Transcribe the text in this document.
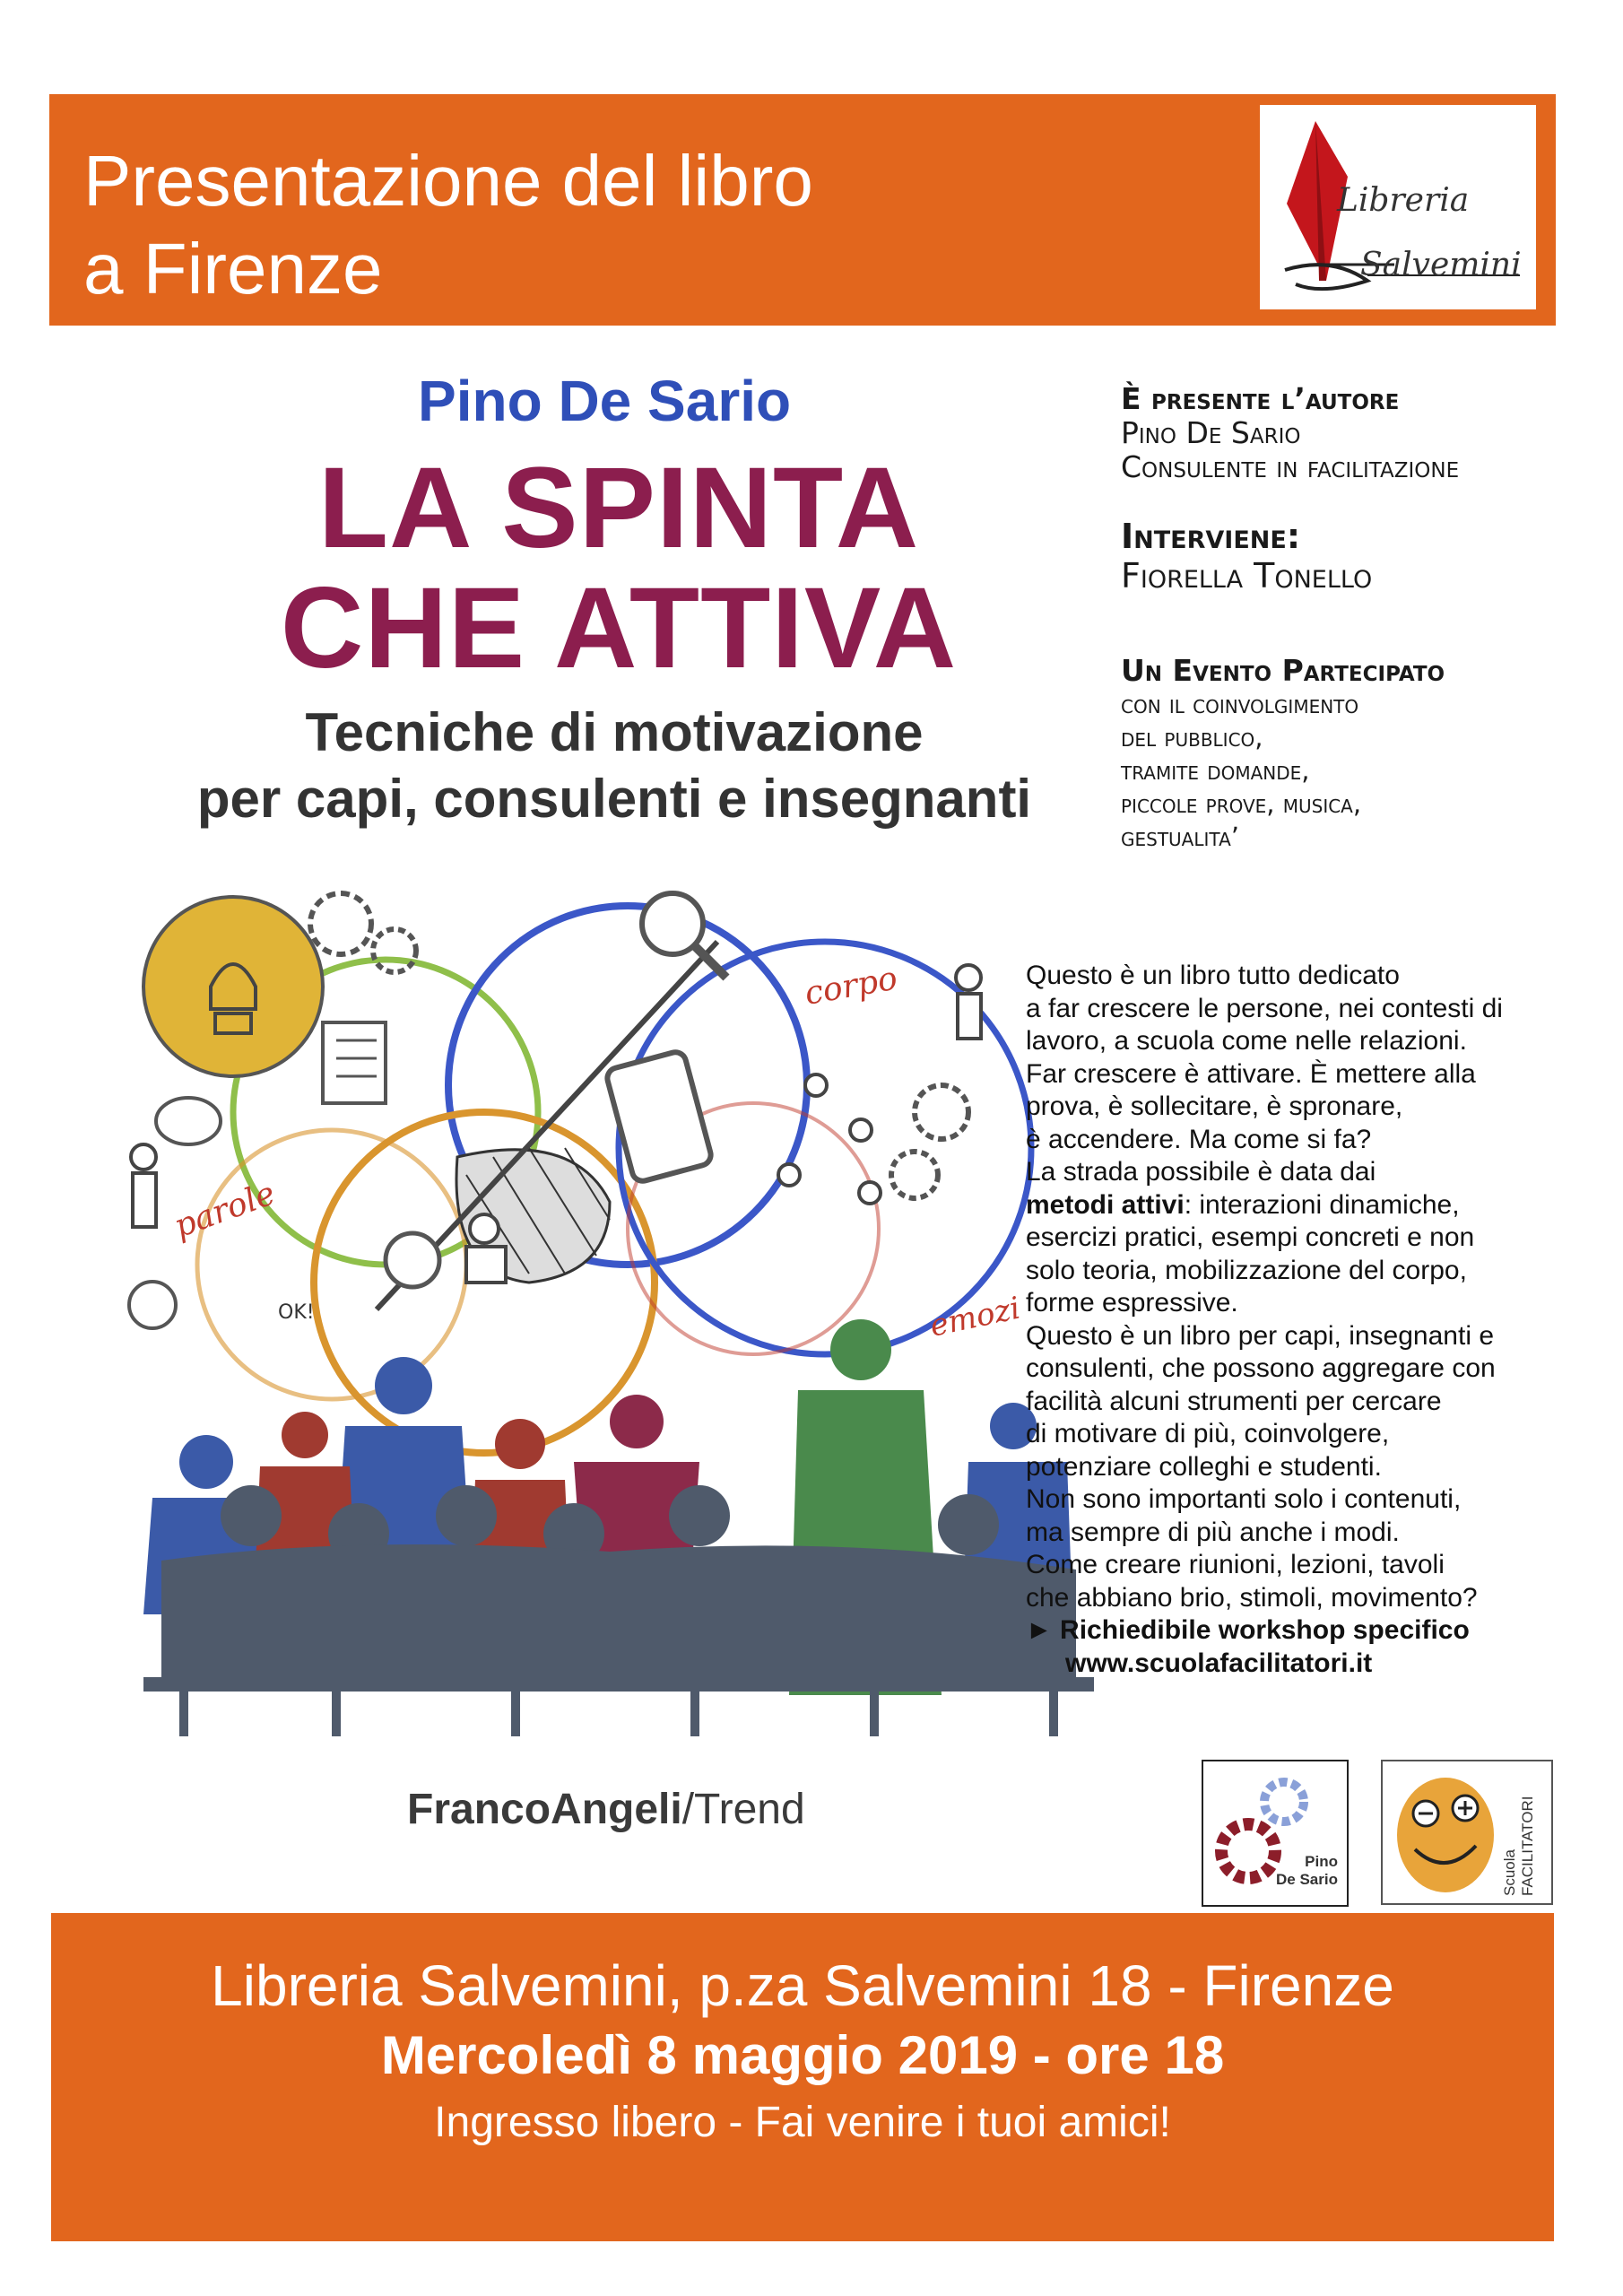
Presentazione del libro
a Firenze
Libreria
Salvemini
Pino De Sario
LA SPINTA
CHE ATTIVA
Tecniche di motivazione
per capi, consulenti e insegnanti
È presente l’autore
Pino De Sario
Consulente in facilitazione
Interviene:
Fiorella Tonello
Un Evento Partecipato
con il coinvolgimento
del pubblico,
tramite domande,
piccole prove, musica,
gestualita’
corpo
parole
emozi
OK!

Questo è un libro tutto dedicato

a far crescere le persone, nei contesti di

lavoro, a scuola come nelle relazioni.

Far crescere è attivare. È mettere alla

prova, è sollecitare, è spronare,

è accendere. Ma come si fa?

La strada possibile è data dai

metodi attivi: interazioni dinamiche,

esercizi pratici, esempi concreti e non

solo teoria, mobilizzazione del corpo,

forme espressive.

Questo è un libro per capi, insegnanti e

consulenti, che possono aggregare con

facilità alcuni strumenti per cercare

di motivare di più, coinvolgere,

potenziare colleghi e studenti.

Non sono importanti solo i contenuti,

ma sempre di più anche i modi.

Come creare riunioni, lezioni, tavoli

che abbiano brio, stimoli, movimento?

► Richiedibile workshop specifico

www.scuolafacilitatori.it

FrancoAngeli/Trend
Pino
De Sario	Scuola FACILITATORI
Libreria Salvemini, p.za Salvemini 18 - Firenze
Mercoledì 8 maggio 2019 - ore 18
Ingresso libero - Fai venire i tuoi amici!
